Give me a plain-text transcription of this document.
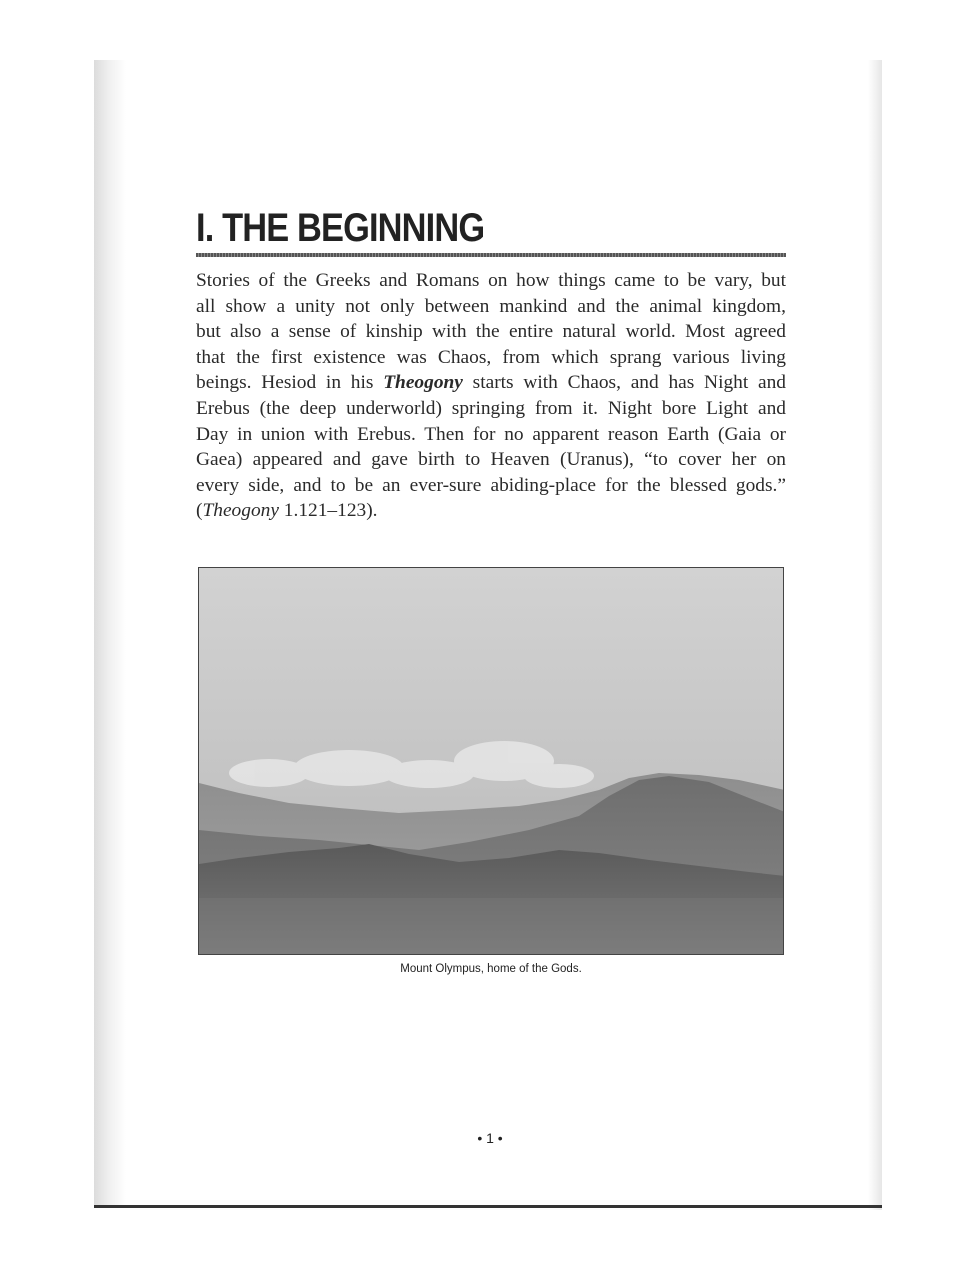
I. THE BEGINNING

Stories of the Greeks and Romans on how things came to be vary, but
all show a unity not only between mankind and the animal kingdom,
but also a sense of kinship with the entire natural world. Most agreed
that the first existence was Chaos, from which sprang various living
beings. Hesiod in his Theogony starts with Chaos, and has Night and
Erebus (the deep underworld) springing from it. Night bore Light and
Day in union with Erebus. Then for no apparent reason Earth (Gaia or
Gaea) appeared and gave birth to Heaven (Uranus), “to cover her on
every side, and to be an ever-sure abiding-place for the blessed gods.”
(Theogony 1.121–123).

Mount Olympus, home of the Gods.
• 1 •
